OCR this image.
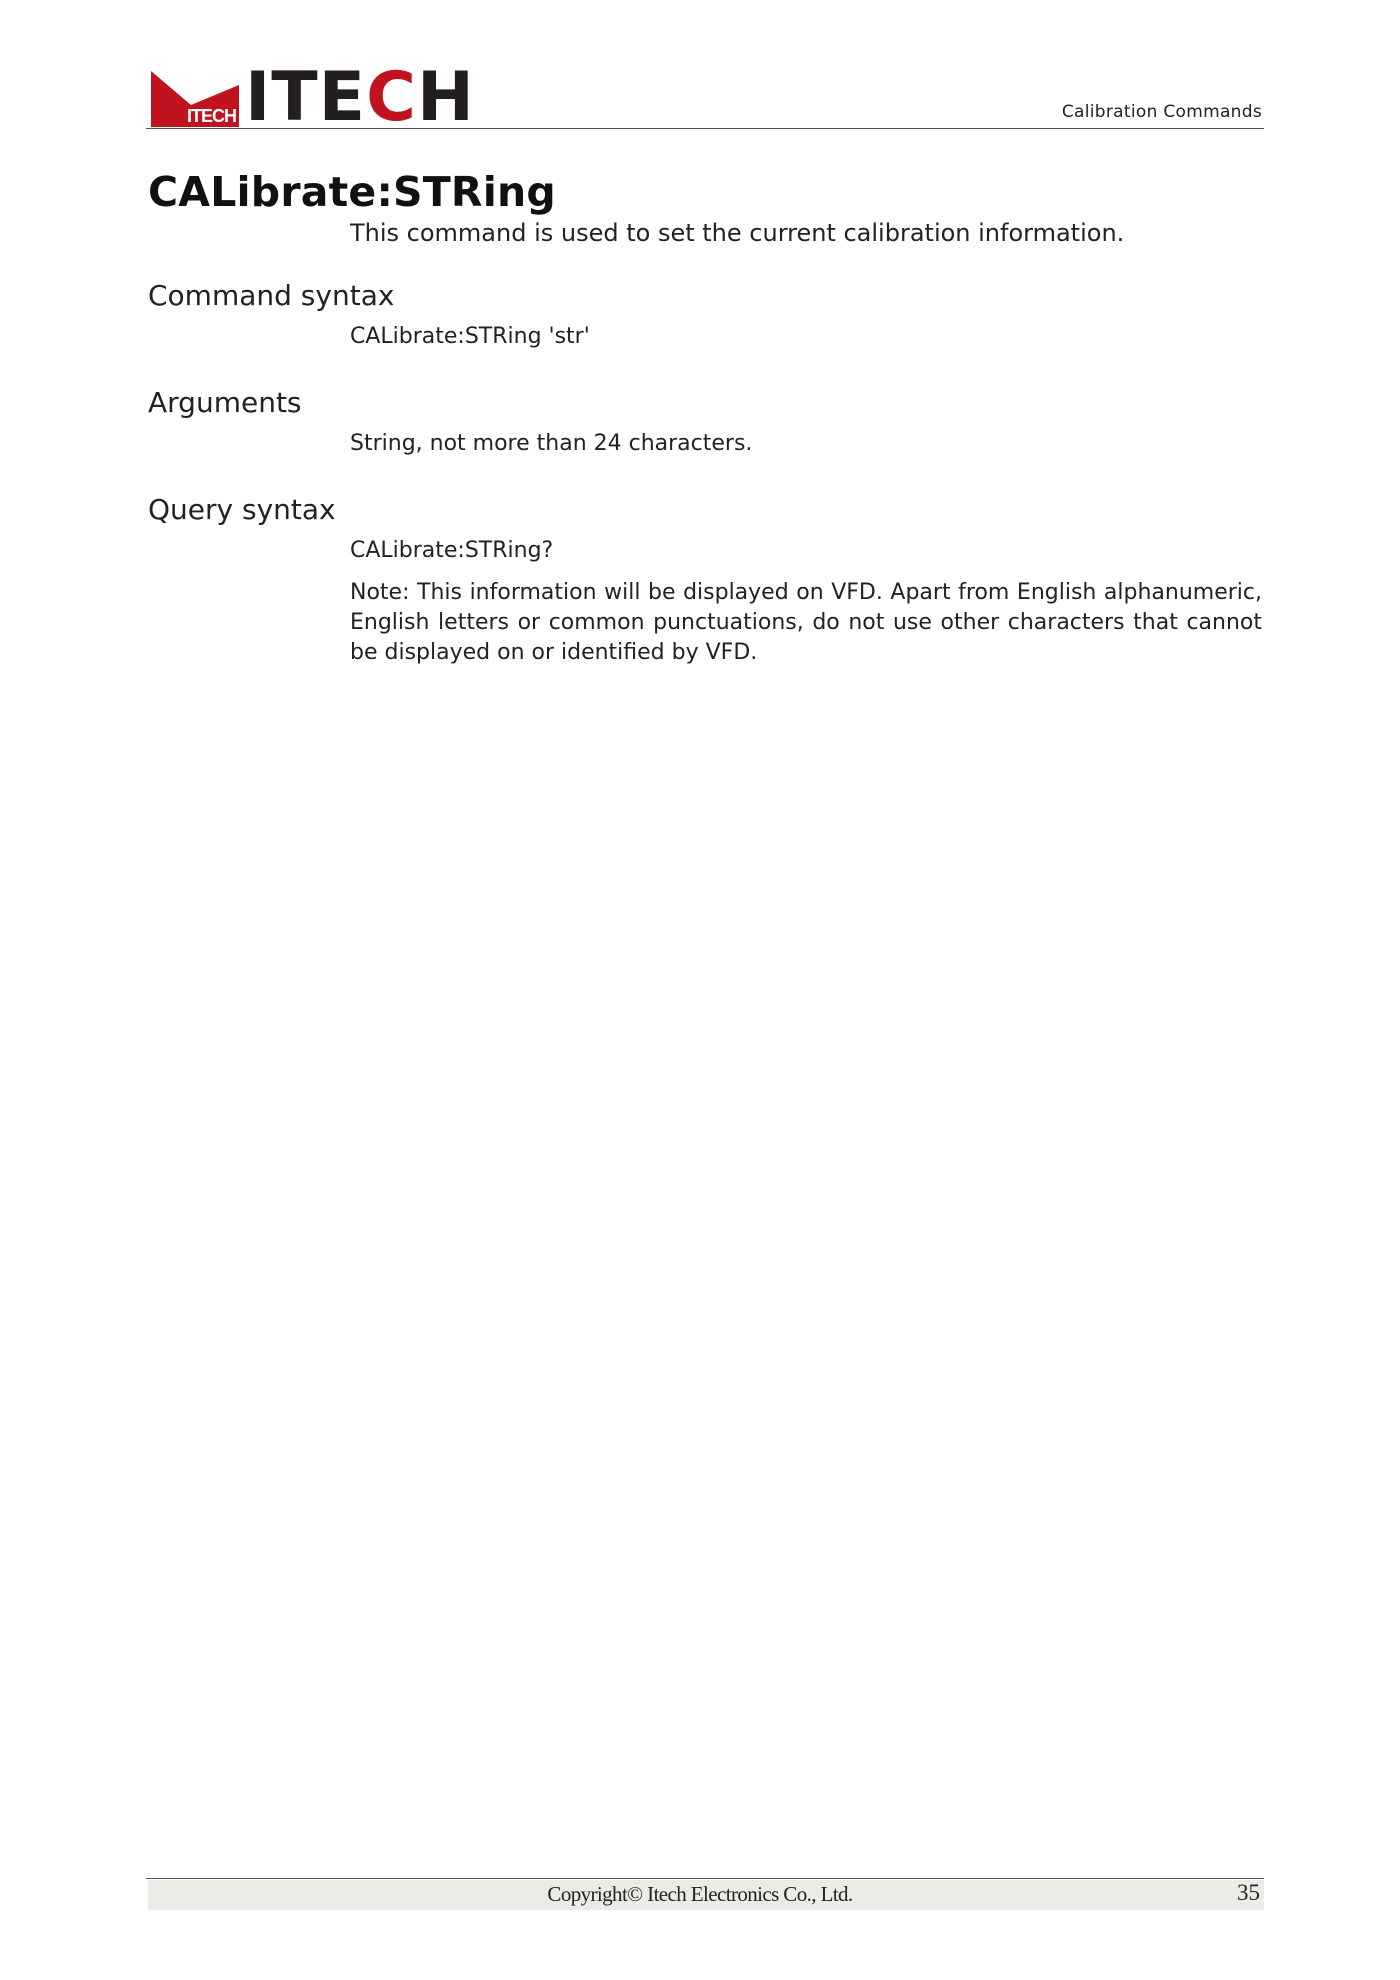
ITECH ITE C H	Calibration Commands
CALibrate:STRing

This command is used to set the current calibration information.

Command syntax

CALibrate:STRing 'str'

Arguments

String, not more than 24 characters.

Query syntax

CALibrate:STRing?

Note: This information will be displayed on VFD. Apart from English alphanumeric, English letters or common punctuations, do not use other characters that cannot be displayed on or identified by VFD.

Copyright© Itech Electronics Co., Ltd.	35
